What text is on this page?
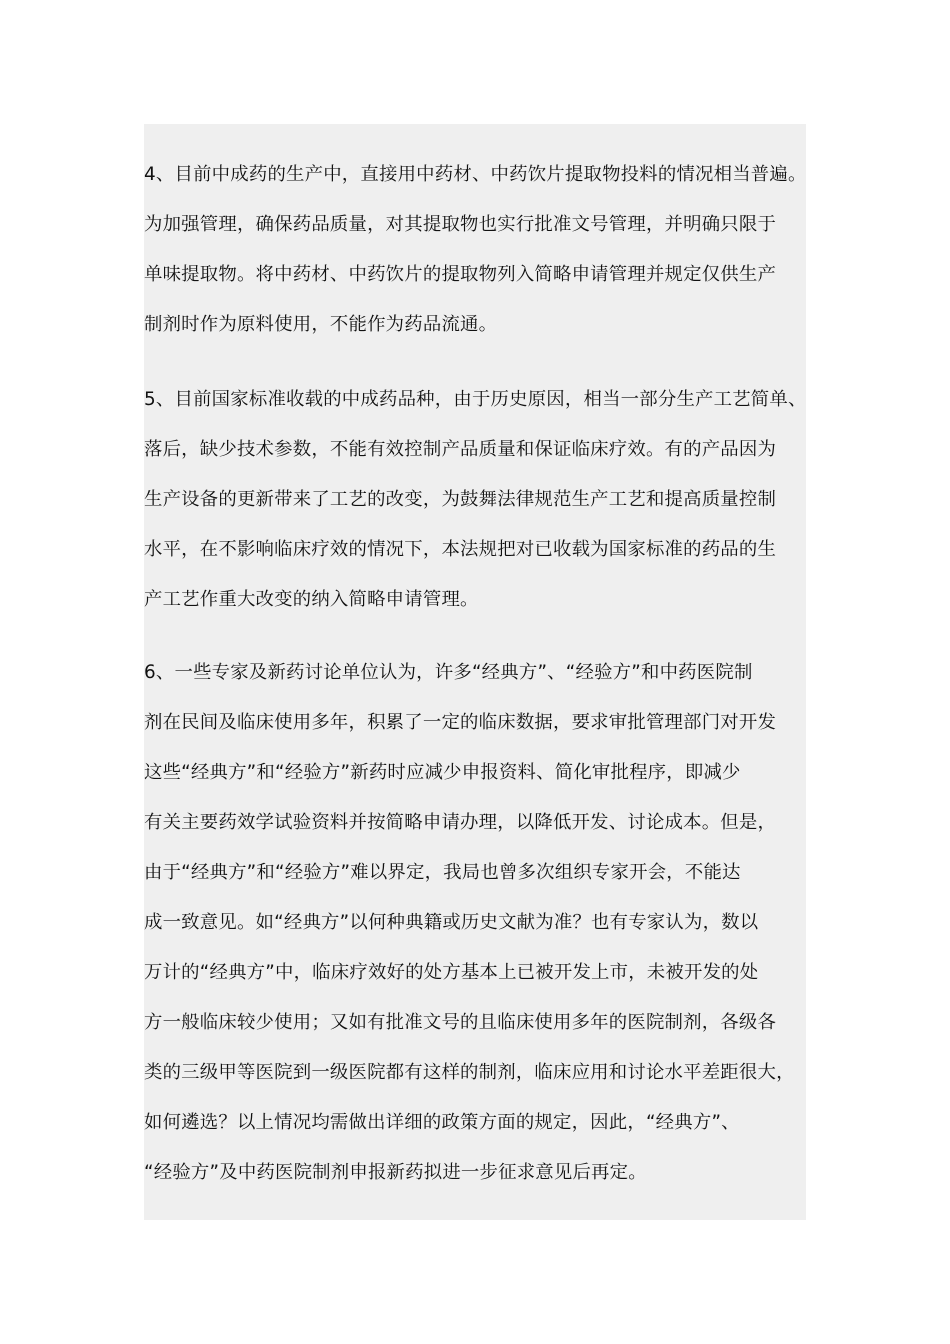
4、目前中成药的生产中，直接用中药材、中药饮片提取物投料的情况相当普遍。
为加强管理，确保药品质量，对其提取物也实行批准文号管理，并明确只限于
单味提取物。将中药材、中药饮片的提取物列入简略申请管理并规定仅供生产
制剂时作为原料使用，不能作为药品流通。
5、目前国家标准收载的中成药品种，由于历史原因，相当一部分生产工艺简单、
落后，缺少技术参数，不能有效控制产品质量和保证临床疗效。有的产品因为
生产设备的更新带来了工艺的改变，为鼓舞法律规范生产工艺和提高质量控制
水平，在不影响临床疗效的情况下，本法规把对已收载为国家标准的药品的生
产工艺作重大改变的纳入简略申请管理。
6、一些专家及新药讨论单位认为，许多“经典方”、“经验方”和中药医院制
剂在民间及临床使用多年，积累了一定的临床数据，要求审批管理部门对开发
这些“经典方”和“经验方”新药时应减少申报资料、简化审批程序，即减少
有关主要药效学试验资料并按简略申请办理，以降低开发、讨论成本。但是，
由于“经典方”和“经验方”难以界定，我局也曾多次组织专家开会，不能达
成一致意见。如“经典方”以何种典籍或历史文献为准？也有专家认为，数以
万计的“经典方”中，临床疗效好的处方基本上已被开发上市，未被开发的处
方一般临床较少使用；又如有批准文号的且临床使用多年的医院制剂，各级各
类的三级甲等医院到一级医院都有这样的制剂，临床应用和讨论水平差距很大，
如何遴选？以上情况均需做出详细的政策方面的规定，因此，“经典方”、
“经验方”及中药医院制剂申报新药拟进一步征求意见后再定。
